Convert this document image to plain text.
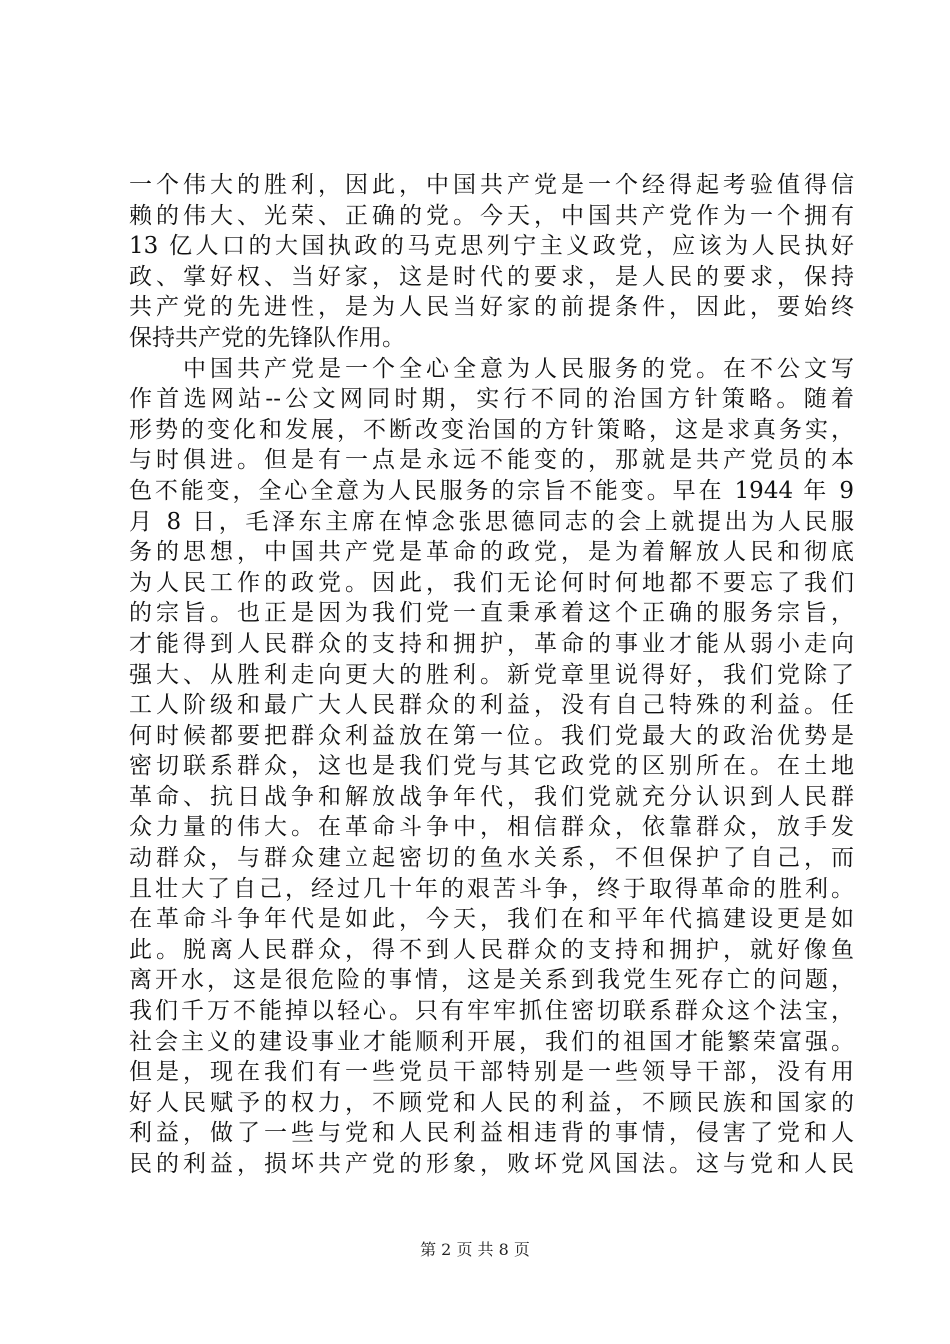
一个伟大的胜利，因此，中国共产党是一个经得起考验值得信
赖的伟大、光荣、正确的党。今天，中国共产党作为一个拥有
13 亿人口的大国执政的马克思列宁主义政党，应该为人民执好
政、掌好权、当好家，这是时代的要求，是人民的要求，保持
共产党的先进性，是为人民当好家的前提条件，因此，要始终
保持共产党的先锋队作用。
　　中国共产党是一个全心全意为人民服务的党。在不公文写
作首选网站--公文网同时期，实行不同的治国方针策略。随着
形势的变化和发展，不断改变治国的方针策略，这是求真务实，
与时俱进。但是有一点是永远不能变的，那就是共产党员的本
色不能变，全心全意为人民服务的宗旨不能变。早在 1944 年 9
月 8 日，毛泽东主席在悼念张思德同志的会上就提出为人民服
务的思想，中国共产党是革命的政党，是为着解放人民和彻底
为人民工作的政党。因此，我们无论何时何地都不要忘了我们
的宗旨。也正是因为我们党一直秉承着这个正确的服务宗旨，
才能得到人民群众的支持和拥护，革命的事业才能从弱小走向
强大、从胜利走向更大的胜利。新党章里说得好，我们党除了
工人阶级和最广大人民群众的利益，没有自己特殊的利益。任
何时候都要把群众利益放在第一位。我们党最大的政治优势是
密切联系群众，这也是我们党与其它政党的区别所在。在土地
革命、抗日战争和解放战争年代，我们党就充分认识到人民群
众力量的伟大。在革命斗争中，相信群众，依靠群众，放手发
动群众，与群众建立起密切的鱼水关系，不但保护了自己，而
且壮大了自己，经过几十年的艰苦斗争，终于取得革命的胜利。
在革命斗争年代是如此，今天，我们在和平年代搞建设更是如
此。脱离人民群众，得不到人民群众的支持和拥护，就好像鱼
离开水，这是很危险的事情，这是关系到我党生死存亡的问题，
我们千万不能掉以轻心。只有牢牢抓住密切联系群众这个法宝，
社会主义的建设事业才能顺利开展，我们的祖国才能繁荣富强。
但是，现在我们有一些党员干部特别是一些领导干部，没有用
好人民赋予的权力，不顾党和人民的利益，不顾民族和国家的
利益，做了一些与党和人民利益相违背的事情，侵害了党和人
民的利益，损坏共产党的形象，败坏党风国法。这与党和人民
第 2 页 共 8 页
